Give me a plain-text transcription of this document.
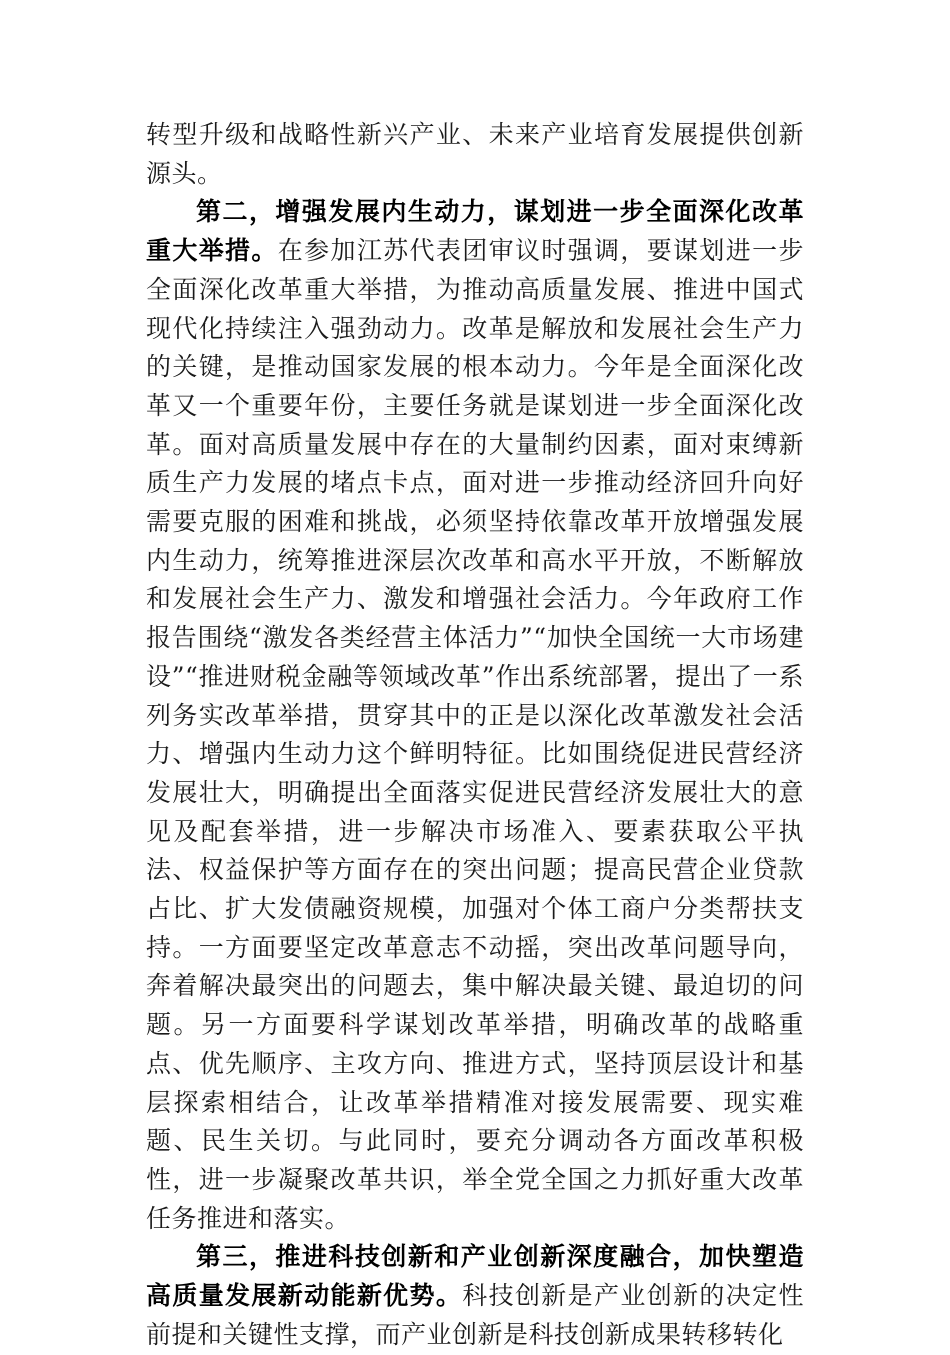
转型升级和战略性新兴产业、未来产业培育发展提供创新源头。

第二，增强发展内生动力，谋划进一步全面深化改革重大举措。在参加江苏代表团审议时强调，要谋划进一步全面深化改革重大举措，为推动高质量发展、推进中国式现代化持续注入强劲动力。改革是解放和发展社会生产力的关键，是推动国家发展的根本动力。今年是全面深化改革又一个重要年份，主要任务就是谋划进一步全面深化改革。面对高质量发展中存在的大量制约因素，面对束缚新质生产力发展的堵点卡点，面对进一步推动经济回升向好需要克服的困难和挑战，必须坚持依靠改革开放增强发展内生动力，统筹推进深层次改革和高水平开放，不断解放和发展社会生产力、激发和增强社会活力。今年政府工作报告围绕“激发各类经营主体活力”“加快全国统一大市场建设”“推进财税金融等领域改革”作出系统部署，提出了一系列务实改革举措，贯穿其中的正是以深化改革激发社会活力、增强内生动力这个鲜明特征。比如围绕促进民营经济发展壮大，明确提出全面落实促进民营经济发展壮大的意见及配套举措，进一步解决市场准入、要素获取公平执法、权益保护等方面存在的突出问题；提高民营企业贷款占比、扩大发债融资规模，加强对个体工商户分类帮扶支持。一方面要坚定改革意志不动摇，突出改革问题导向，奔着解决最突出的问题去，集中解决最关键、最迫切的问题。另一方面要科学谋划改革举措，明确改革的战略重点、优先顺序、主攻方向、推进方式，坚持顶层设计和基层探索相结合，让改革举措精准对接发展需要、现实难题、民生关切。与此同时，要充分调动各方面改革积极性，进一步凝聚改革共识，举全党全国之力抓好重大改革任务推进和落实。

第三，推进科技创新和产业创新深度融合，加快塑造高质量发展新动能新优势。科技创新是产业创新的决定性前提和关键性支撑，而产业创新是科技创新成果转移转化
